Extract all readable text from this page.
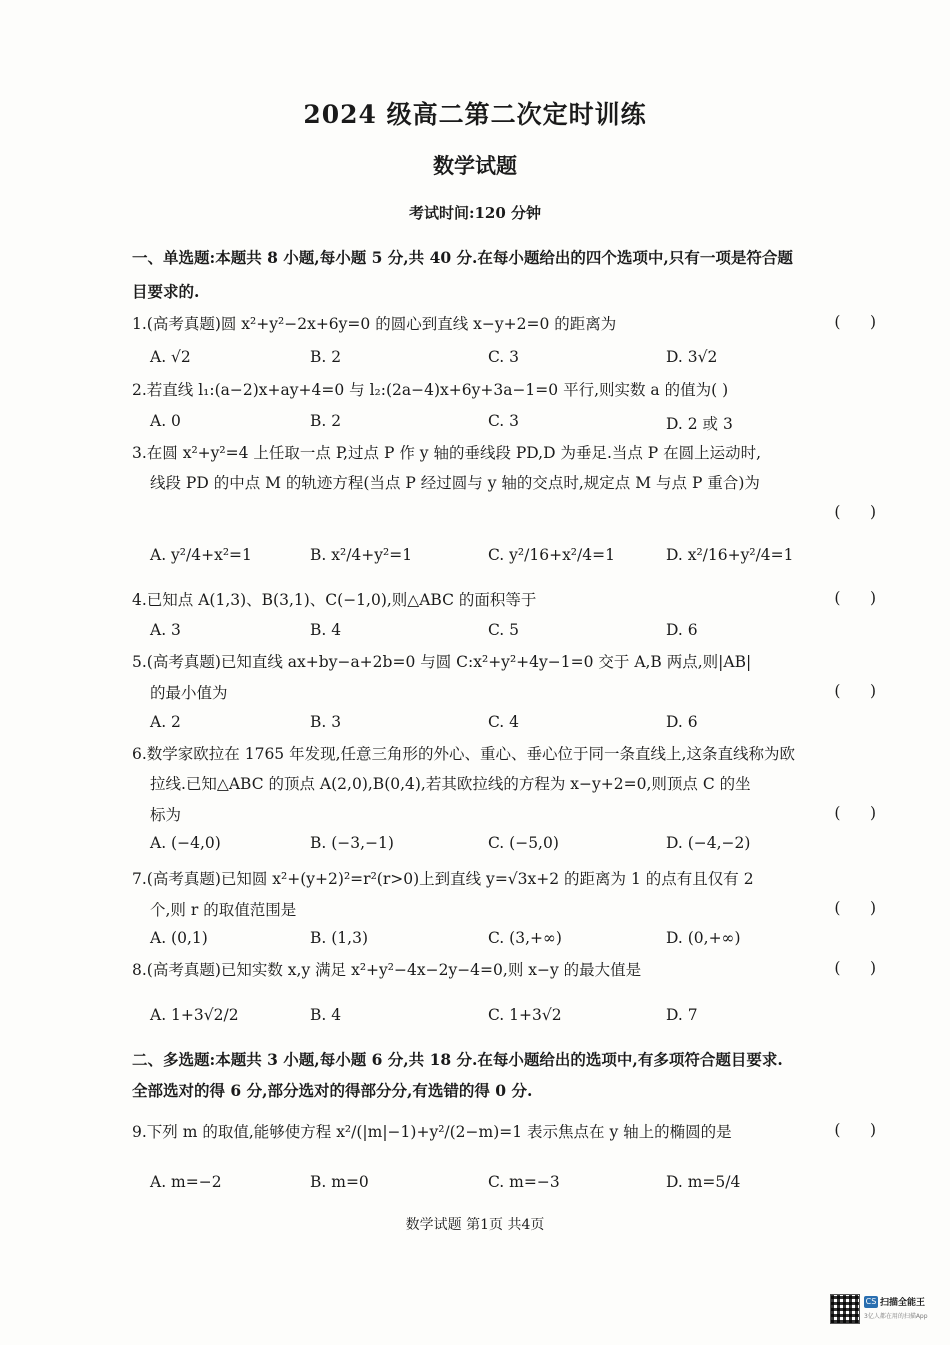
2024 级高二第二次定时训练
数学试题
考试时间:120 分钟
一、单选题:本题共 8 小题,每小题 5 分,共 40 分.在每小题给出的四个选项中,只有一项是符合题
目要求的.
1.(高考真题)圆 x²+y²−2x+6y=0 的圆心到直线 x−y+2=0 的距离为	(      )
A. √2	B. 2	C. 3	D. 3√2
2.若直线 l₁:(a−2)x+ay+4=0 与 l₂:(2a−4)x+6y+3a−1=0 平行,则实数 a 的值为( )
A. 0	B. 2	C. 3	D. 2 或 3
3.在圆 x²+y²=4 上任取一点 P,过点 P 作 y 轴的垂线段 PD,D 为垂足.当点 P 在圆上运动时,
线段 PD 的中点 M 的轨迹方程(当点 P 经过圆与 y 轴的交点时,规定点 M 与点 P 重合)为
(      )
A. y²/4+x²=1	B. x²/4+y²=1	C. y²/16+x²/4=1	D. x²/16+y²/4=1
4.已知点 A(1,3)、B(3,1)、C(−1,0),则△ABC 的面积等于	(      )
A. 3	B. 4	C. 5	D. 6
5.(高考真题)已知直线 ax+by−a+2b=0 与圆 C:x²+y²+4y−1=0 交于 A,B 两点,则|AB|
的最小值为	(      )
A. 2	B. 3	C. 4	D. 6
6.数学家欧拉在 1765 年发现,任意三角形的外心、重心、垂心位于同一条直线上,这条直线称为欧
拉线.已知△ABC 的顶点 A(2,0),B(0,4),若其欧拉线的方程为 x−y+2=0,则顶点 C 的坐
标为	(      )
A. (−4,0)	B. (−3,−1)	C. (−5,0)	D. (−4,−2)
7.(高考真题)已知圆 x²+(y+2)²=r²(r>0)上到直线 y=√3x+2 的距离为 1 的点有且仅有 2
个,则 r 的取值范围是	(      )
A. (0,1)	B. (1,3)	C. (3,+∞)	D. (0,+∞)
8.(高考真题)已知实数 x,y 满足 x²+y²−4x−2y−4=0,则 x−y 的最大值是	(      )
A. 1+3√2/2	B. 4	C. 1+3√2	D. 7
二、多选题:本题共 3 小题,每小题 6 分,共 18 分.在每小题给出的选项中,有多项符合题目要求.
全部选对的得 6 分,部分选对的得部分分,有选错的得 0 分.
9.下列 m 的取值,能够使方程 x²/(|m|−1)+y²/(2−m)=1 表示焦点在 y 轴上的椭圆的是	(      )
A. m=−2	B. m=0	C. m=−3	D. m=5/4
数学试题 第1页 共4页
CS 扫描全能王
3亿人都在用的扫描App
